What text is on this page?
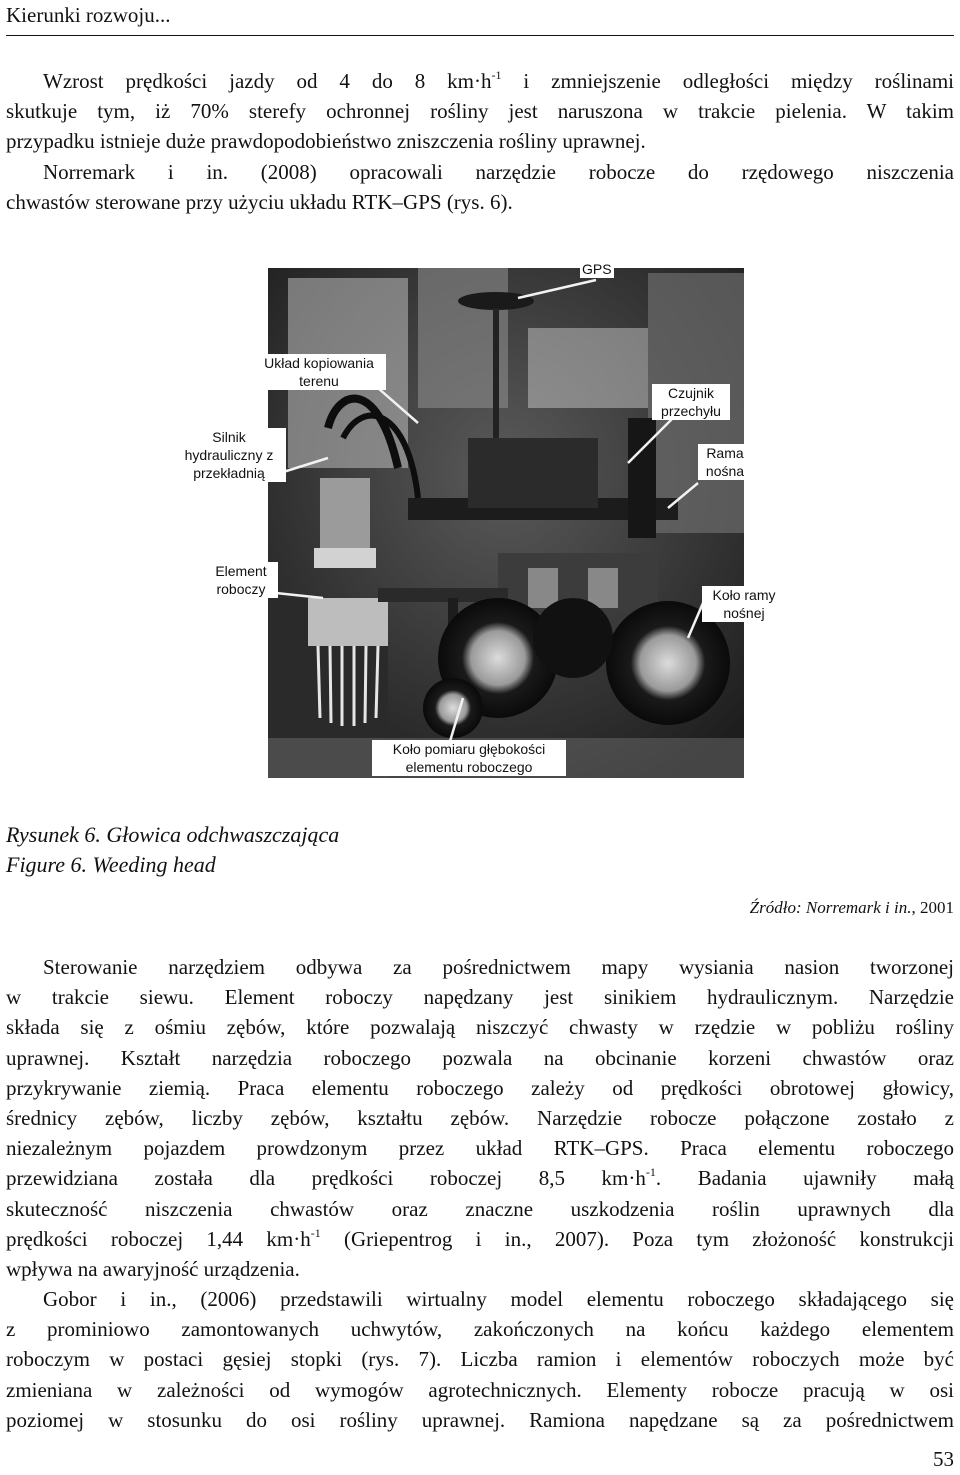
Kierunki rozwoju...
Wzrost prędkości jazdy od 4 do 8 $km\cdot h^{-1}$ i zmniejszenie odległości między roślinami
skutkuje tym, iż 70% sterefy ochronnej rośliny jest naruszona w trakcie pielenia. W takim
przypadku istnieje duże prawdopodobieństwo zniszczenia rośliny uprawnej.
Norremark i in. (2008) opracowali narzędzie robocze do rzędowego niszczenia
chwastów sterowane przy użyciu układu RTK–GPS (rys. 6).
GPS
Układ kopiowania
terenu
Czujnik
przechyłu
Silnik
hydrauliczny z
przekładnią
Rama
nośna
Element
roboczy	Koło ramy
nośnej
Koło pomiaru głębokości
elementu roboczego
Rysunek 6. Głowica odchwaszczająca
Figure 6. Weeding head
Źródło: Norremark i in., 2001
Sterowanie narzędziem odbywa za pośrednictwem mapy wysiania nasion tworzonej
w trakcie siewu. Element roboczy napędzany jest sinikiem hydraulicznym. Narzędzie
składa się z ośmiu zębów, które pozwalają niszczyć chwasty w rzędzie w pobliżu rośliny
uprawnej. Kształt narzędzia roboczego pozwala na obcinanie korzeni chwastów oraz
przykrywanie ziemią. Praca elementu roboczego zależy od prędkości obrotowej głowicy,
średnicy zębów, liczby zębów, kształtu zębów. Narzędzie robocze połączone zostało z
niezależnym pojazdem prowdzonym przez układ RTK–GPS. Praca elementu roboczego
przewidziana została dla prędkości roboczej 8,5 $km\cdot h^{-1}$. Badania ujawniły małą
skuteczność niszczenia chwastów oraz znaczne uszkodzenia roślin uprawnych dla
prędkości roboczej 1,44 $km\cdot h^{-1}$ (Griepentrog i in., 2007). Poza tym złożoność konstrukcji
wpływa na awaryjność urządzenia.
Gobor i in., (2006) przedstawili wirtualny model elementu roboczego składającego się
z prominiowo zamontowanych uchwytów, zakończonych na końcu każdego elementem
roboczym w postaci gęsiej stopki (rys. 7). Liczba ramion i elementów roboczych może być
zmieniana w zależności od wymogów agrotechnicznych. Elementy robocze pracują w osi
poziomej w stosunku do osi rośliny uprawnej. Ramiona napędzane są za pośrednictwem
53
